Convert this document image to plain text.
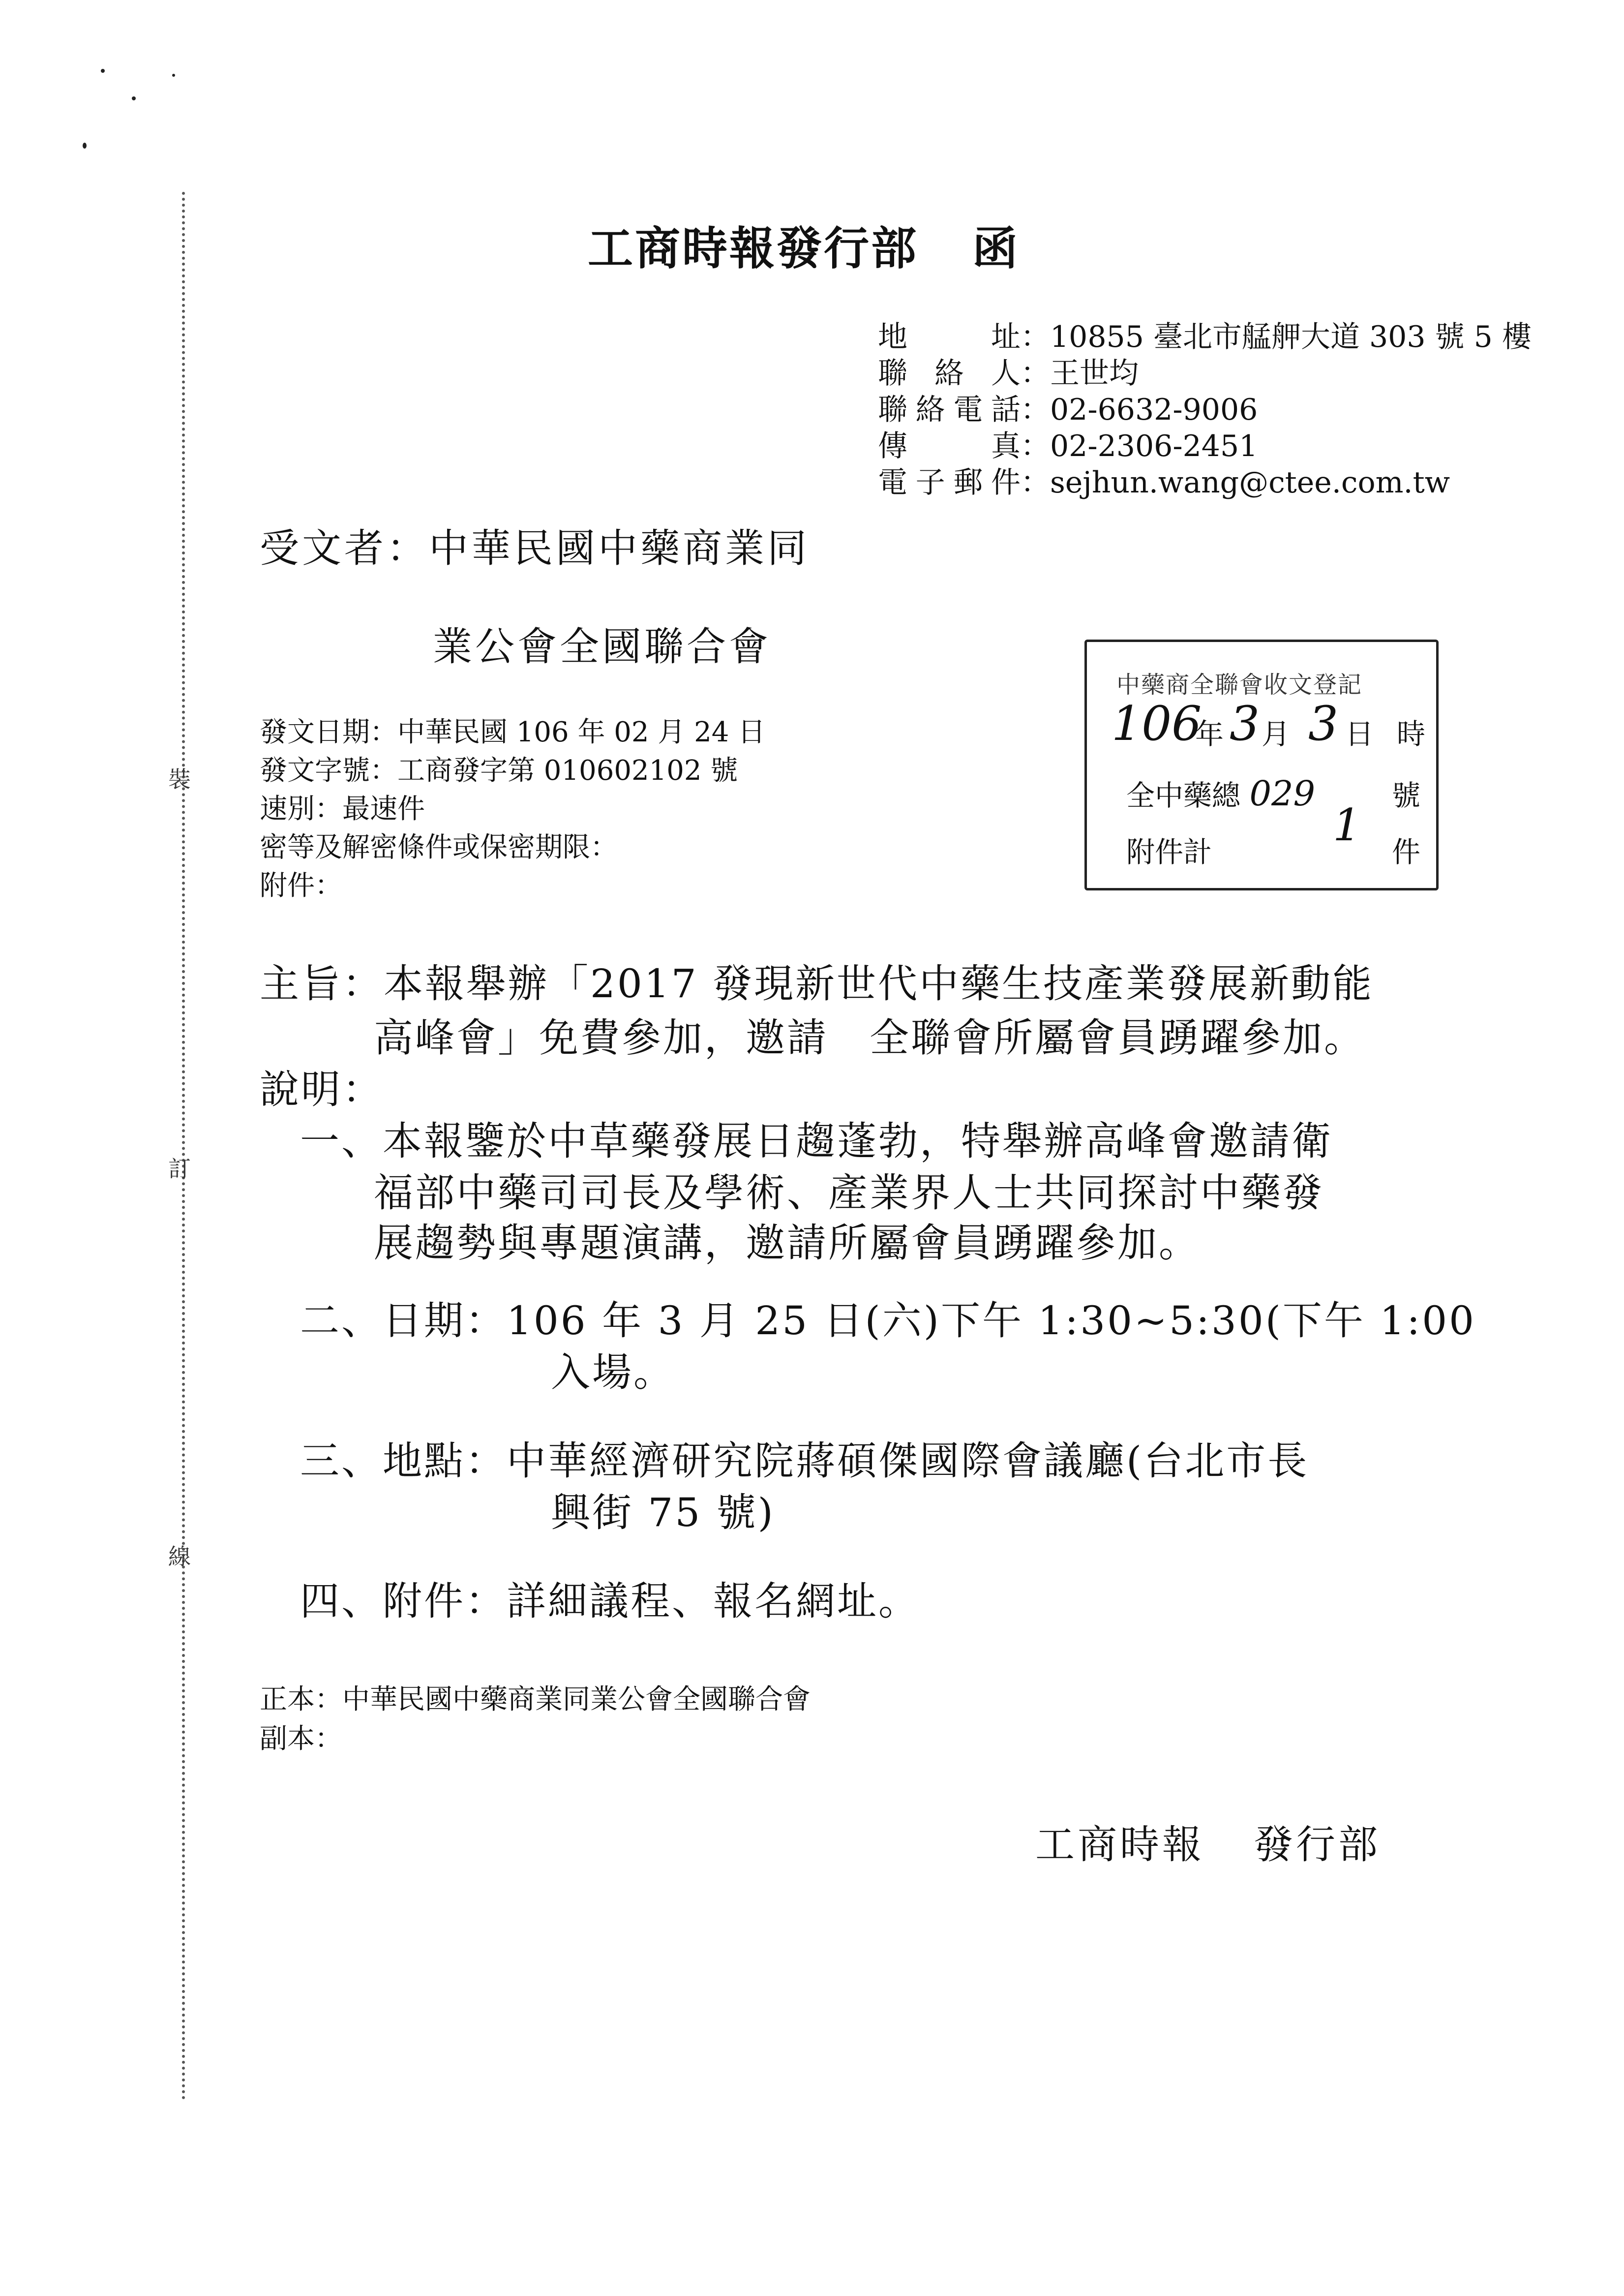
裝
訂
線
工商時報發行部 函
地址：10855 臺北市艋舺大道 303 號 5 樓
聯絡人：王世均
聯絡電話：02-6632-9006
傳真：02-2306-2451
電子郵件：sejhun.wang@ctee.com.tw
受文者：中華民國中藥商業同
業公會全國聯合會
發文日期：中華民國 106 年 02 月 24 日
發文字號：工商發字第 010602102 號
速別：最速件
密等及解密條件或保密期限：
附件：
中藥商全聯會收文登記
106
年 3 月 3 日 時
全中藥總 029	號
附件計
1
件
主旨：本報舉辦「2017 發現新世代中藥生技產業發展新動能
高峰會」免費參加，邀請　全聯會所屬會員踴躍參加。
說明：
一、本報鑒於中草藥發展日趨蓬勃，特舉辦高峰會邀請衛
福部中藥司司長及學術、產業界人士共同探討中藥發
展趨勢與專題演講，邀請所屬會員踴躍參加。
二、日期：106 年 3 月 25 日(六)下午 1:30~5:30(下午 1:00
入場。
三、地點：中華經濟研究院蔣碩傑國際會議廳(台北市長
興街 75 號)
四、附件：詳細議程、報名網址。
正本：中華民國中藥商業同業公會全國聯合會
副本：
工商時報 發行部
